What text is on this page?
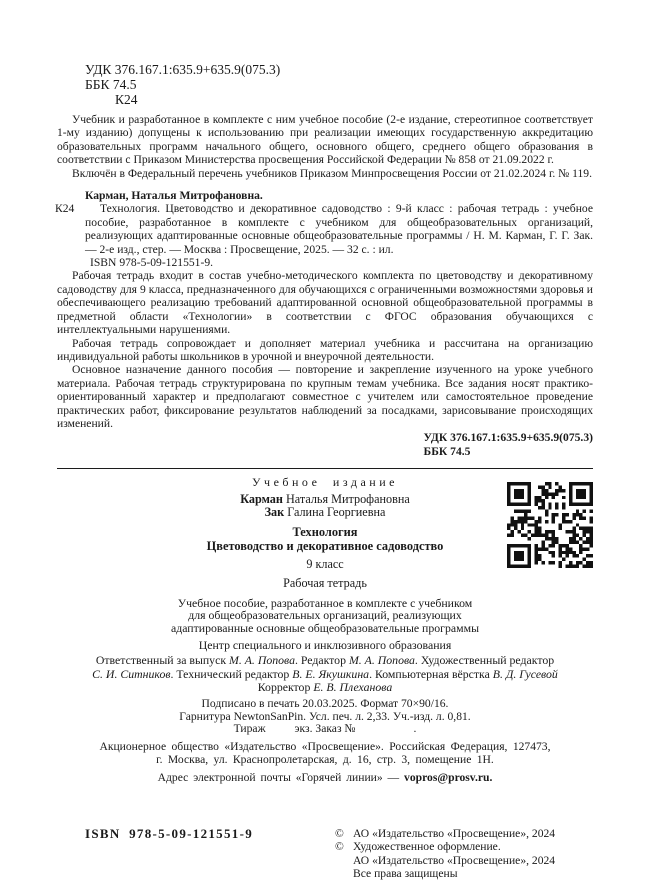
УДК 376.167.1:635.9+635.9(075.3)
ББК 74.5
К24

Учебник и разработанное в комплекте с ним учебное пособие (2-е издание, стереотипное соответствует 1-му изданию) допущены к использованию при реализации имеющих государственную аккредитацию образовательных программ начального общего, основного общего, среднего общего образования в соответствии с Приказом Министерства просвещения Российской Федерации № 858 от 21.09.2022 г.

Включён в Федеральный перечень учебников Приказом Минпросвещения России от 21.02.2024 г. № 119.

Карман, Наталья Митрофановна.
К24	Технология. Цветоводство и декоративное садоводство : 9-й класс : рабочая тетрадь : учебное пособие, разработанное в комплекте с учебником для общеобразовательных организаций, реализующих адаптированные основные общеобразовательные программы / Н. М. Карман, Г. Г. Зак. — 2-е изд., стер. — Москва : Просвещение, 2025. — 32 с. : ил.

ISBN 978-5-09-121551-9.

Рабочая тетрадь входит в состав учебно-методического комплекта по цветоводству и декоративному садоводству для 9 класса, предназначенного для обучающихся с ограниченными возможностями здоровья и обеспечивающего реализацию требований адаптированной основной общеобразовательной программы в предметной области «Технологии» в соответствии с ФГОС образования обучающихся с интеллектуальными нарушениями.

Рабочая тетрадь сопровождает и дополняет материал учебника и рассчитана на организацию индивидуальной работы школьников в урочной и внеурочной деятельности.

Основное назначение данного пособия — повторение и закрепление изученного на уроке учебного материала. Рабочая тетрадь структурирована по крупным темам учебника. Все задания носят практико-ориентированный характер и предполагают совместное с учителем или самостоятельное проведение практических работ, фиксирование результатов наблюдений за посадками, зарисовывание происходящих изменений.

УДК 376.167.1:635.9+635.9(075.3)
ББК 74.5
Учебное издание
Карман Наталья Митрофановна
Зак Галина Георгиевна
Технология
Цветоводство и декоративное садоводство
9 класс
Рабочая тетрадь
Учебное пособие, разработанное в комплекте с учебником
для общеобразовательных организаций, реализующих
адаптированные основные общеобразовательные программы
Центр специального и инклюзивного образования
Ответственный за выпуск М. А. Попова. Редактор М. А. Попова. Художественный редактор
С. И. Ситников. Технический редактор В. Е. Якушкина. Компьютерная вёрстка В. Д. Гусевой
Корректор Е. В. Плеханова
Подписано в печать 20.03.2025. Формат 70×90/16.
Гарнитура NewtonSanPin. Усл. печ. л. 2,33. Уч.-изд. л. 0,81.
Тираж          экз. Заказ №                    .
Акционерное общество «Издательство «Просвещение». Российская Федерация, 127473,
г. Москва, ул. Краснопролетарская, д. 16, стр. 3, помещение 1Н.
Адрес электронной почты «Горячей линии» — vopros@prosv.ru.
ISBN 978-5-09-121551-9	© АО «Издательство «Просвещение», 2024
© Художественное оформление.
АО «Издательство «Просвещение», 2024
Все права защищены
